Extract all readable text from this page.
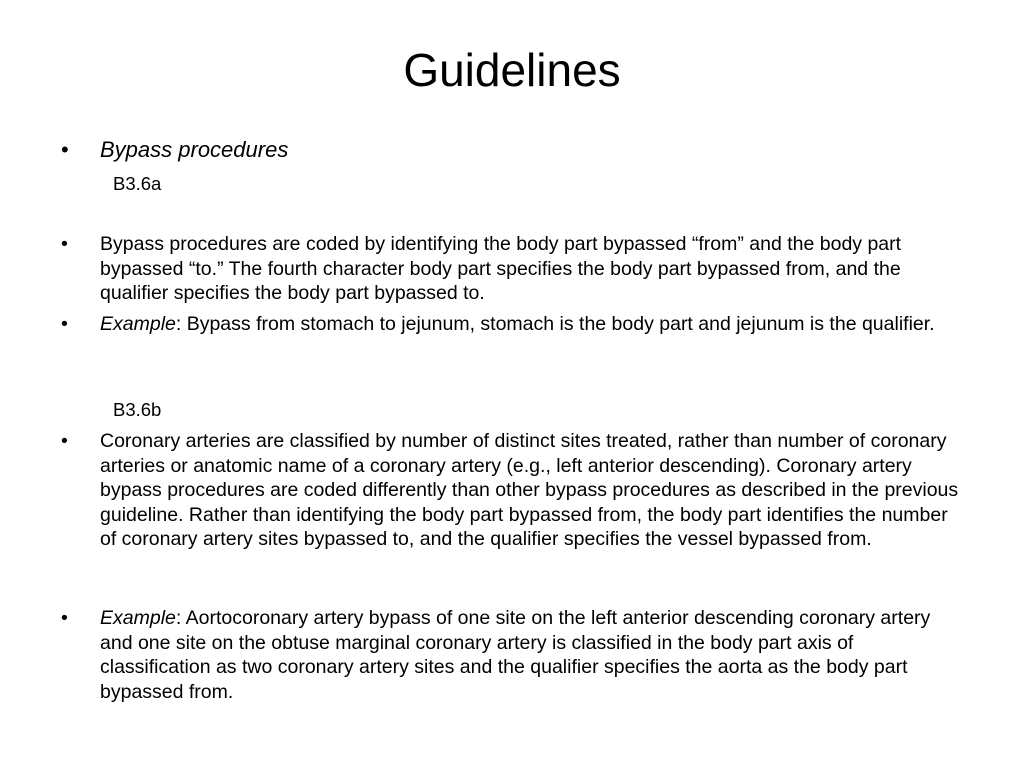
Guidelines
• Bypass procedures
B3.6a
• Bypass procedures are coded by identifying the body part bypassed “from” and the body part bypassed “to.” The fourth character body part specifies the body part bypassed from, and the qualifier specifies the body part bypassed to.
• Example: Bypass from stomach to jejunum, stomach is the body part and jejunum is the qualifier.
B3.6b
• Coronary arteries are classified by number of distinct sites treated, rather than number of coronary arteries or anatomic name of a coronary artery (e.g., left anterior descending). Coronary artery bypass procedures are coded differently than other bypass procedures as described in the previous guideline. Rather than identifying the body part bypassed from, the body part identifies the number of coronary artery sites bypassed to, and the qualifier specifies the vessel bypassed from.
• Example: Aortocoronary artery bypass of one site on the left anterior descending coronary artery and one site on the obtuse marginal coronary artery is classified in the body part axis of classification as two coronary artery sites and the qualifier specifies the aorta as the body part bypassed from.
